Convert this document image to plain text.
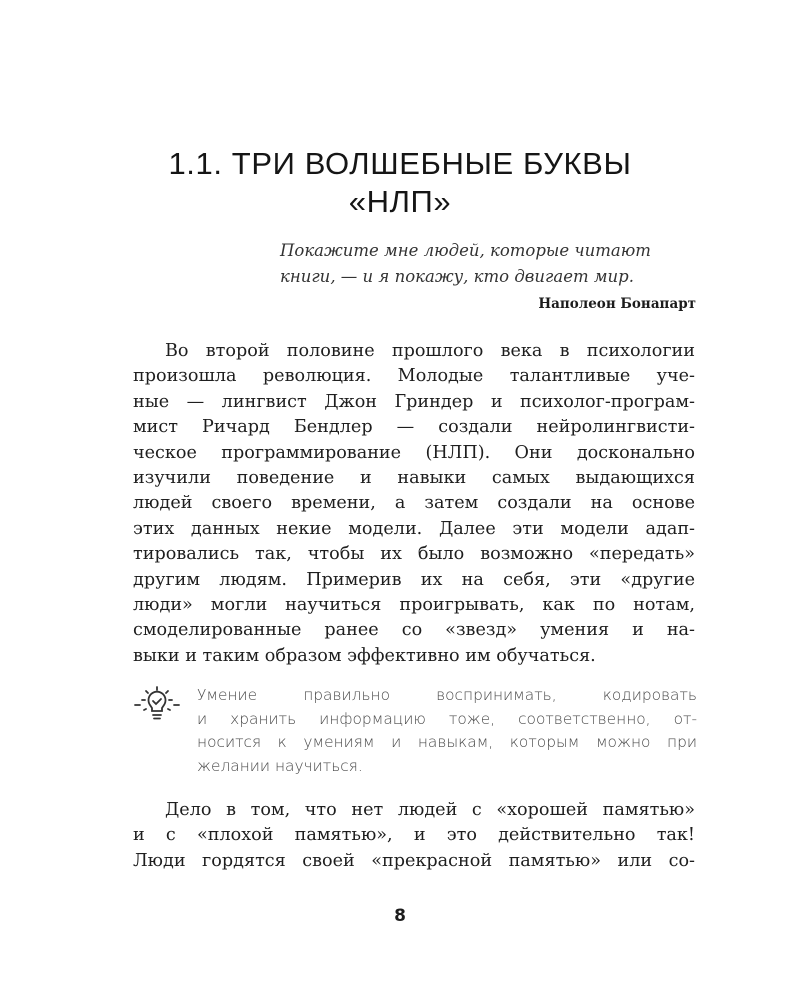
1.1. ТРИ ВОЛШЕБНЫЕ БУКВЫ
«НЛП»

Покажите мне людей, которые читают
книги, — и я покажу, кто двигает мир.

Наполеон Бонапарт

Во второй половине прошлого века в психологии
произошла революция. Молодые талантливые уче-
ные — лингвист Джон Гриндер и психолог-програм-
мист Ричард Бендлер — создали нейролингвисти-
ческое программирование (НЛП). Они досконально
изучили поведение и навыки самых выдающихся
людей своего времени, а затем создали на основе
этих данных некие модели. Далее эти модели адап-
тировались так, чтобы их было возможно «передать»
другим людям. Примерив их на себя, эти «другие
люди» могли научиться проигрывать, как по нотам,
смоделированные ранее со «звезд» умения и на-
выки и таким образом эффективно им обучаться.

Умение правильно воспринимать, кодировать
и хранить информацию тоже, соответственно, от-
носится к умениям и навыкам, которым можно при
желании научиться.

Дело в том, что нет людей с «хорошей памятью»
и с «плохой памятью», и это действительно так!
Люди гордятся своей «прекрасной памятью» или со-

8
